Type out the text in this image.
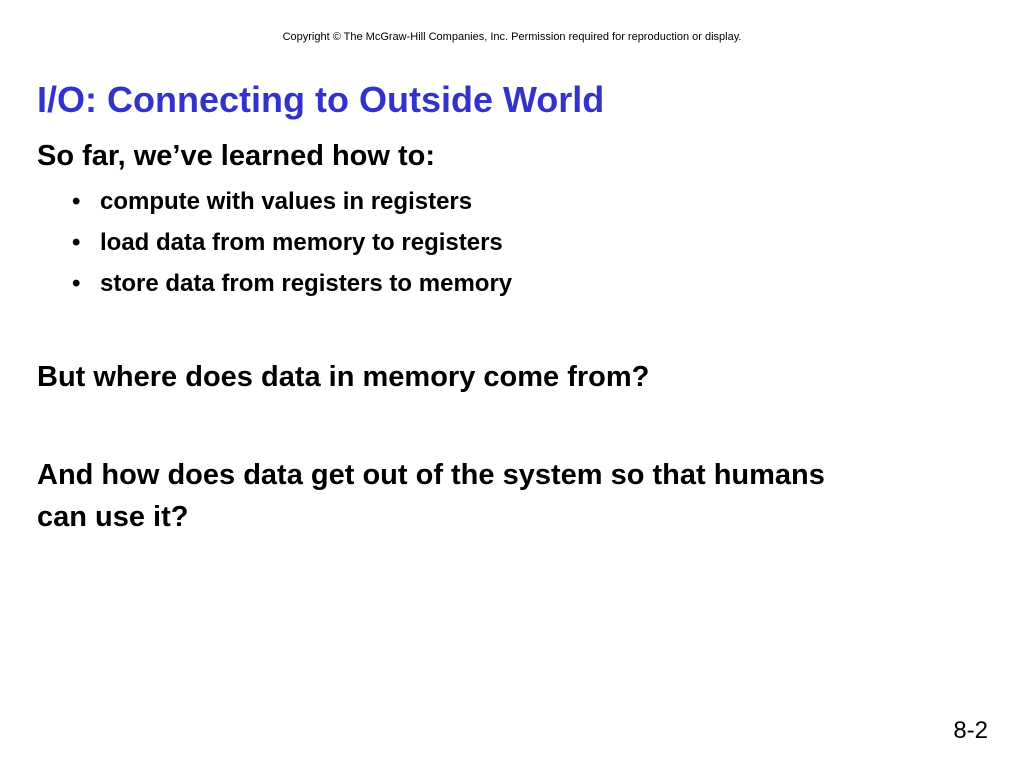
Copyright © The McGraw-Hill Companies, Inc. Permission required for reproduction or display.
I/O: Connecting to Outside World

So far, we’ve learned how to:

• compute with values in registers
• load data from memory to registers
• store data from registers to memory

But where does data in memory come from?

And how does data get out of the system so that humans can use it?

8-2
